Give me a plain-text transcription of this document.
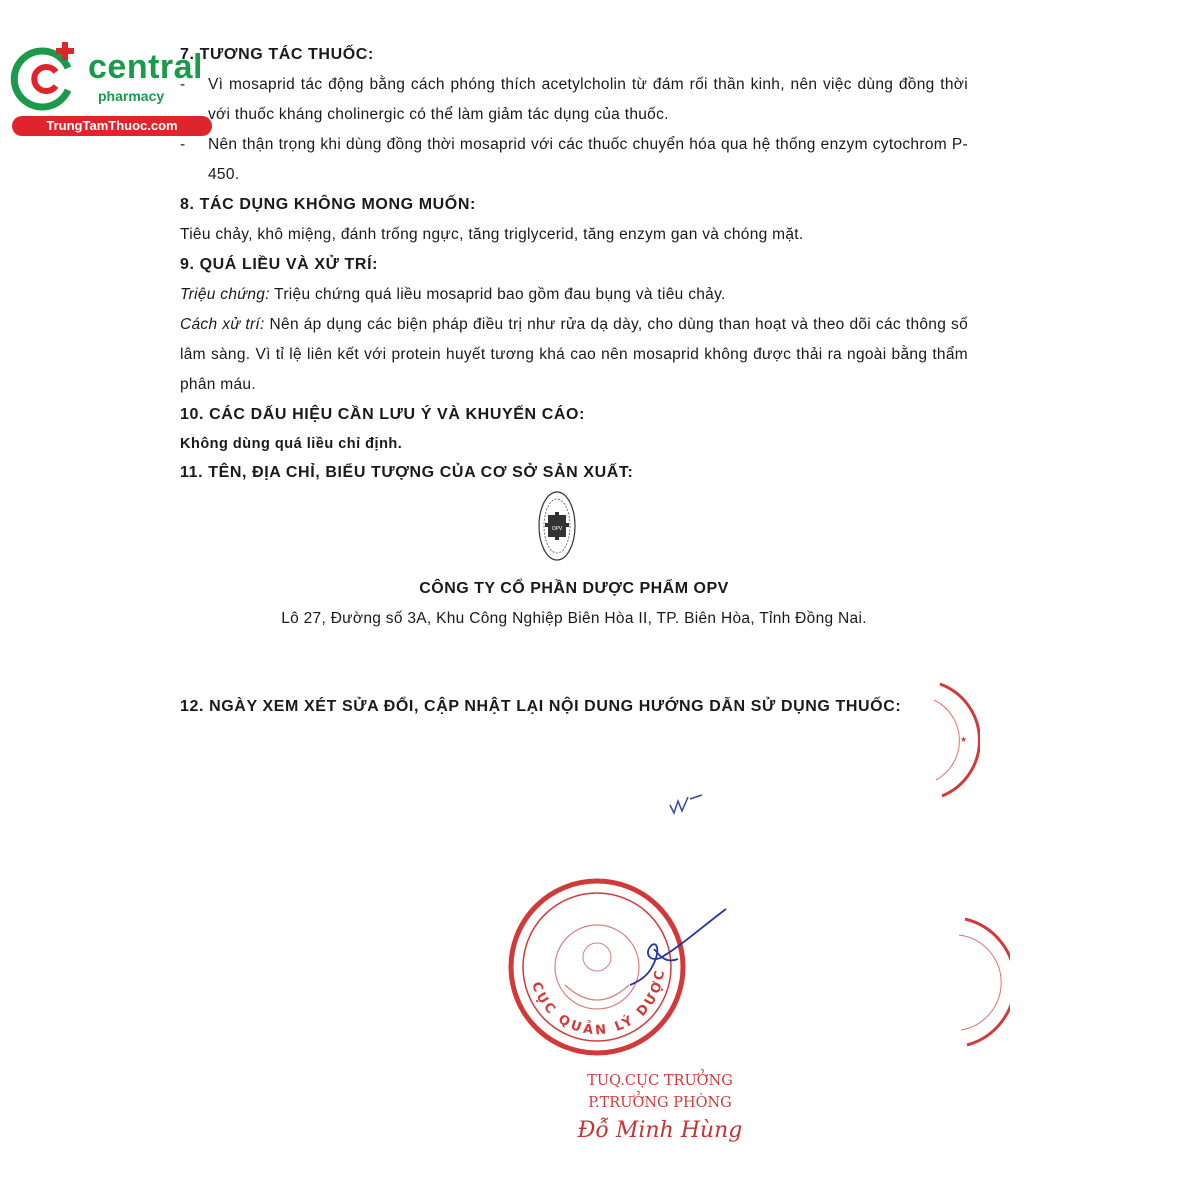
central
pharmacy
TrungTamThuoc.com

7. TƯƠNG TÁC THUỐC:

- Vì mosaprid tác động bằng cách phóng thích acetylcholin từ đám rối thần kinh, nên việc dùng đồng thời với thuốc kháng cholinergic có thể làm giảm tác dụng của thuốc.

- Nên thận trọng khi dùng đồng thời mosaprid với các thuốc chuyển hóa qua hệ thống enzym cytochrom P-450.

8. TÁC DỤNG KHÔNG MONG MUỐN:

Tiêu chảy, khô miệng, đánh trống ngực, tăng triglycerid, tăng enzym gan và chóng mặt.

9. QUÁ LIỀU VÀ XỬ TRÍ:

Triệu chứng: Triệu chứng quá liều mosaprid bao gồm đau bụng và tiêu chảy.

Cách xử trí: Nên áp dụng các biện pháp điều trị như rửa dạ dày, cho dùng than hoạt và theo dõi các thông số lâm sàng. Vì tỉ lệ liên kết với protein huyết tương khá cao nên mosaprid không được thải ra ngoài bằng thẩm phân máu.

10. CÁC DẤU HIỆU CẦN LƯU Ý VÀ KHUYẾN CÁO:

Không dùng quá liều chỉ định.

11. TÊN, ĐỊA CHỈ, BIỂU TƯỢNG CỦA CƠ SỞ SẢN XUẤT:

OPV
CÔNG TY CỔ PHẦN DƯỢC PHẨM OPV
Lô 27, Đường số 3A, Khu Công Nghiệp Biên Hòa II, TP. Biên Hòa, Tỉnh Đồng Nai.
12. NGÀY XEM XÉT SỬA ĐỔI, CẬP NHẬT LẠI NỘI DUNG HƯỚNG DẪN SỬ DỤNG THUỐC:
★
CỤC QUẢN LÝ DƯỢC
TUQ.CỤC TRƯỞNG
P.TRƯỞNG PHÒNG
Đỗ Minh Hùng
